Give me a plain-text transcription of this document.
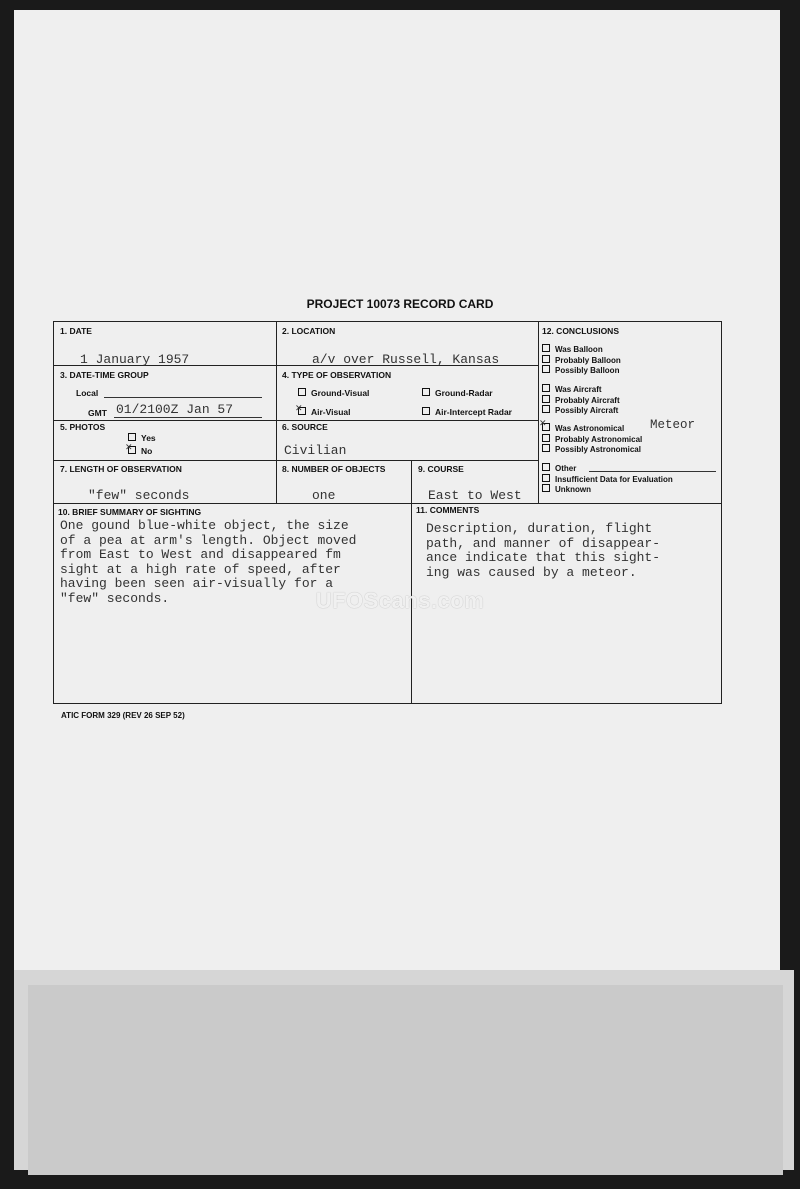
PROJECT 10073 RECORD CARD
1. DATE
1 January 1957
2. LOCATION
a/v over Russell, Kansas
3. DATE-TIME GROUP
Local
GMT 01/2100Z Jan 57
4. TYPE OF OBSERVATION
Ground-Visual	Ground-Radar
✕Air-Visual	Air-Intercept Radar
5. PHOTOS
Yes
✕No
6. SOURCE
Civilian
7. LENGTH OF OBSERVATION
"few" seconds
8. NUMBER OF OBJECTS
one
9. COURSE
East to West
12. CONCLUSIONS
Was Balloon
Probably Balloon
Possibly Balloon
Was Aircraft
Probably Aircraft
Possibly Aircraft
✕Was Astronomical
Probably Astronomical
Possibly Astronomical
Meteor
Other
Insufficient Data for Evaluation
Unknown
10. BRIEF SUMMARY OF SIGHTING
One gound blue-white object, the size
of a pea at arm's length. Object moved
from East to West and disappeared fm
sight at a high rate of speed, after
having been seen air-visually for a
"few" seconds.
11. COMMENTS
Description, duration, flight
path, and manner of disappear-
ance indicate that this sight-
ing was caused by a meteor.
ATIC FORM 329 (REV 26 SEP 52)
UFOScans.com
